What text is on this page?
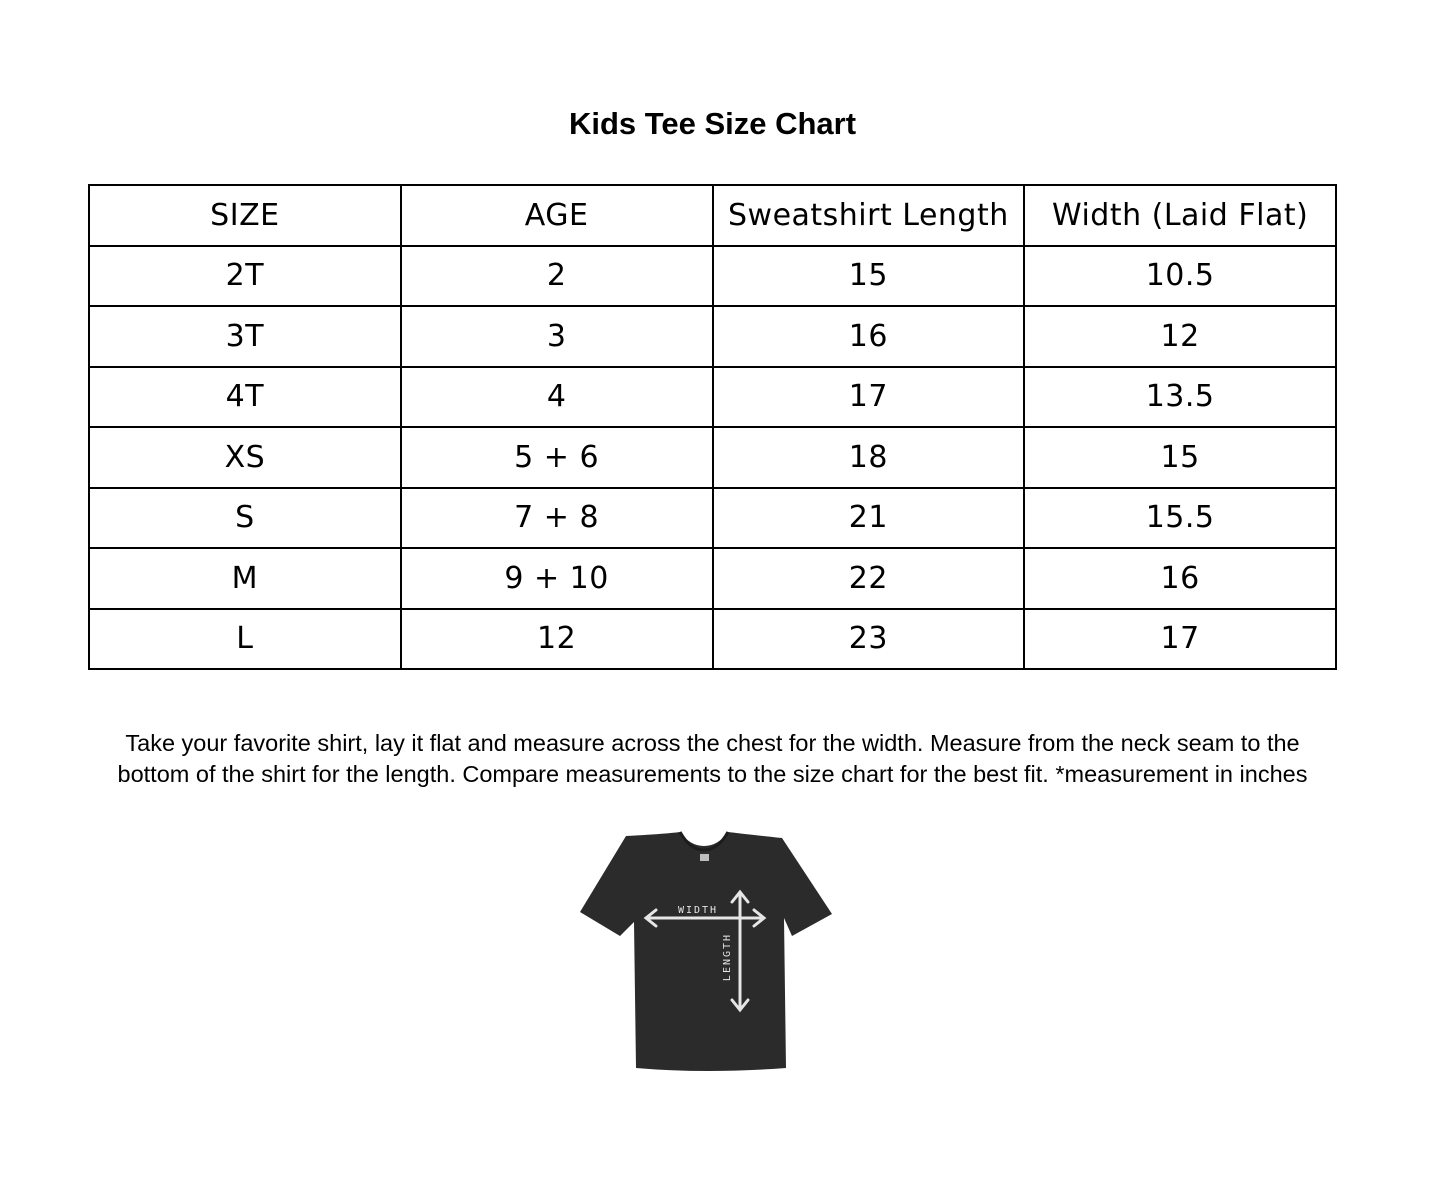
Kids Tee Size Chart
SIZE	AGE	Sweatshirt Length	Width (Laid Flat)
2T	2	15	10.5
3T	3	16	12
4T	4	17	13.5
XS	5 + 6	18	15
S	7 + 8	21	15.5
M	9 + 10	22	16
L	12	23	17
Take your favorite shirt, lay it flat and measure across the chest for the width. Measure from the neck seam to the
bottom of the shirt for the length. Compare measurements to the size chart for the best fit. *measurement in inches
WIDTH
LENGTH
